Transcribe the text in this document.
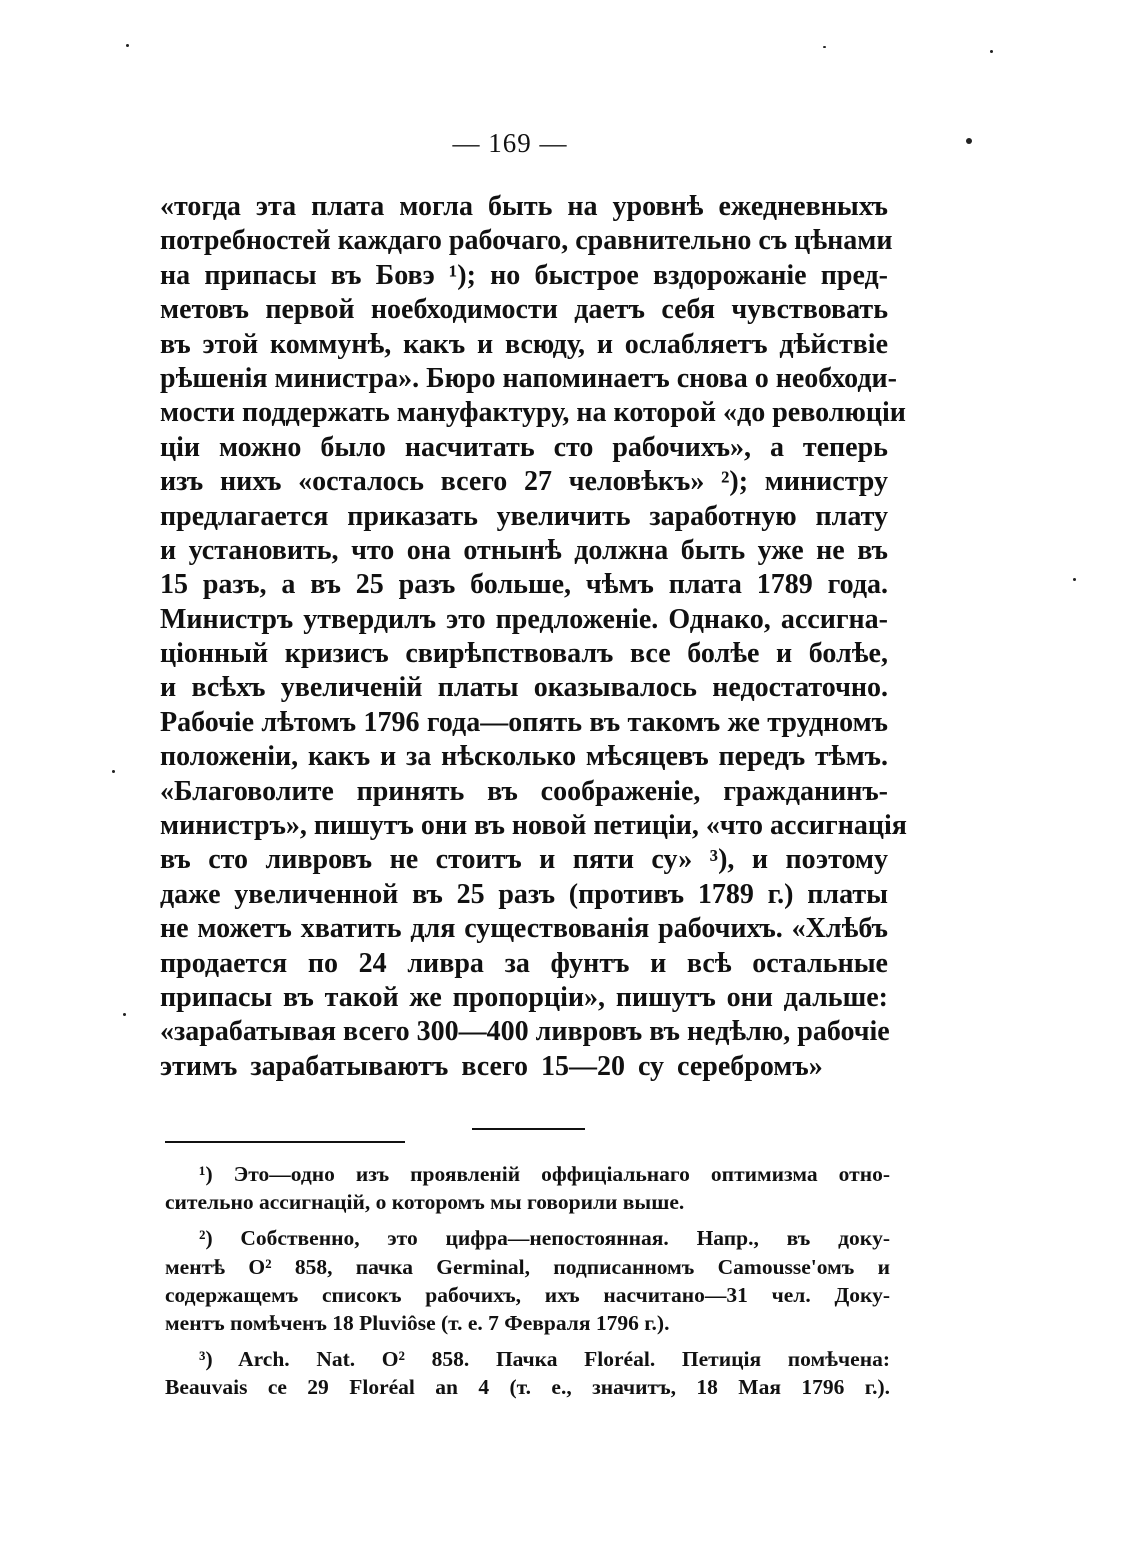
— 169 —
«тогда эта плата могла быть на уровнѣ ежедневныхъ
потребностей каждаго рабочаго, сравнительно съ цѣнами
на припасы въ Бовэ ¹); но быстрое вздорожаніе пред-
метовъ первой ноебходимости даетъ себя чувствовать
въ этой коммунѣ, какъ и всюду, и ослабляетъ дѣйствіе
рѣшенія министра». Бюро напоминаетъ снова о необходи-
мости поддержать мануфактуру, на которой «до революціи
ціи можно было насчитать сто рабочихъ», а теперь
изъ нихъ «осталось всего 27 человѣкъ» ²); министру
предлагается приказать увеличить заработную плату
и установить, что она отнынѣ должна быть уже не въ
15 разъ, а въ 25 разъ больше, чѣмъ плата 1789 года.
Министръ утвердилъ это предложеніе. Однако, ассигна-
ціонный кризисъ свирѣпствовалъ все болѣе и болѣе,
и всѣхъ увеличеній платы оказывалось недостаточно.
Рабочіе лѣтомъ 1796 года—опять въ такомъ же трудномъ
положеніи, какъ и за нѣсколько мѣсяцевъ передъ тѣмъ.
«Благоволите принять въ соображеніе, гражданинъ-
министръ», пишутъ они въ новой петиціи, «что ассигнація
въ сто ливровъ не стоитъ и пяти су» ³), и поэтому
даже увеличенной въ 25 разъ (противъ 1789 г.) платы
не можетъ хватить для существованія рабочихъ. «Хлѣбъ
продается по 24 ливра за фунтъ и всѣ остальные
припасы въ такой же пропорціи», пишутъ они дальше:
«зарабатывая всего 300—400 ливровъ въ недѣлю, рабочіе
этимъ зарабатываютъ всего 15—20 су серебромъ»
¹) Это—одно изъ проявленій оффиціальнаго оптимизма отно-
сительно ассигнацій, о которомъ мы говорили выше.
²) Собственно, это цифра—непостоянная. Напр., въ докy-
ментѣ O² 858, пачка Germinal, подписанномъ Camousse'омъ и
содержащемъ списокъ рабочихъ, ихъ насчитано—31 чел. Доку-
ментъ помѣченъ 18 Pluviôse (т. е. 7 Февраля 1796 г.).
³) Arch. Nat. O² 858. Пачка Floréal. Петиція помѣчена:
Beauvais ce 29 Floréal an 4 (т. е., значитъ, 18 Мая 1796 г.).
